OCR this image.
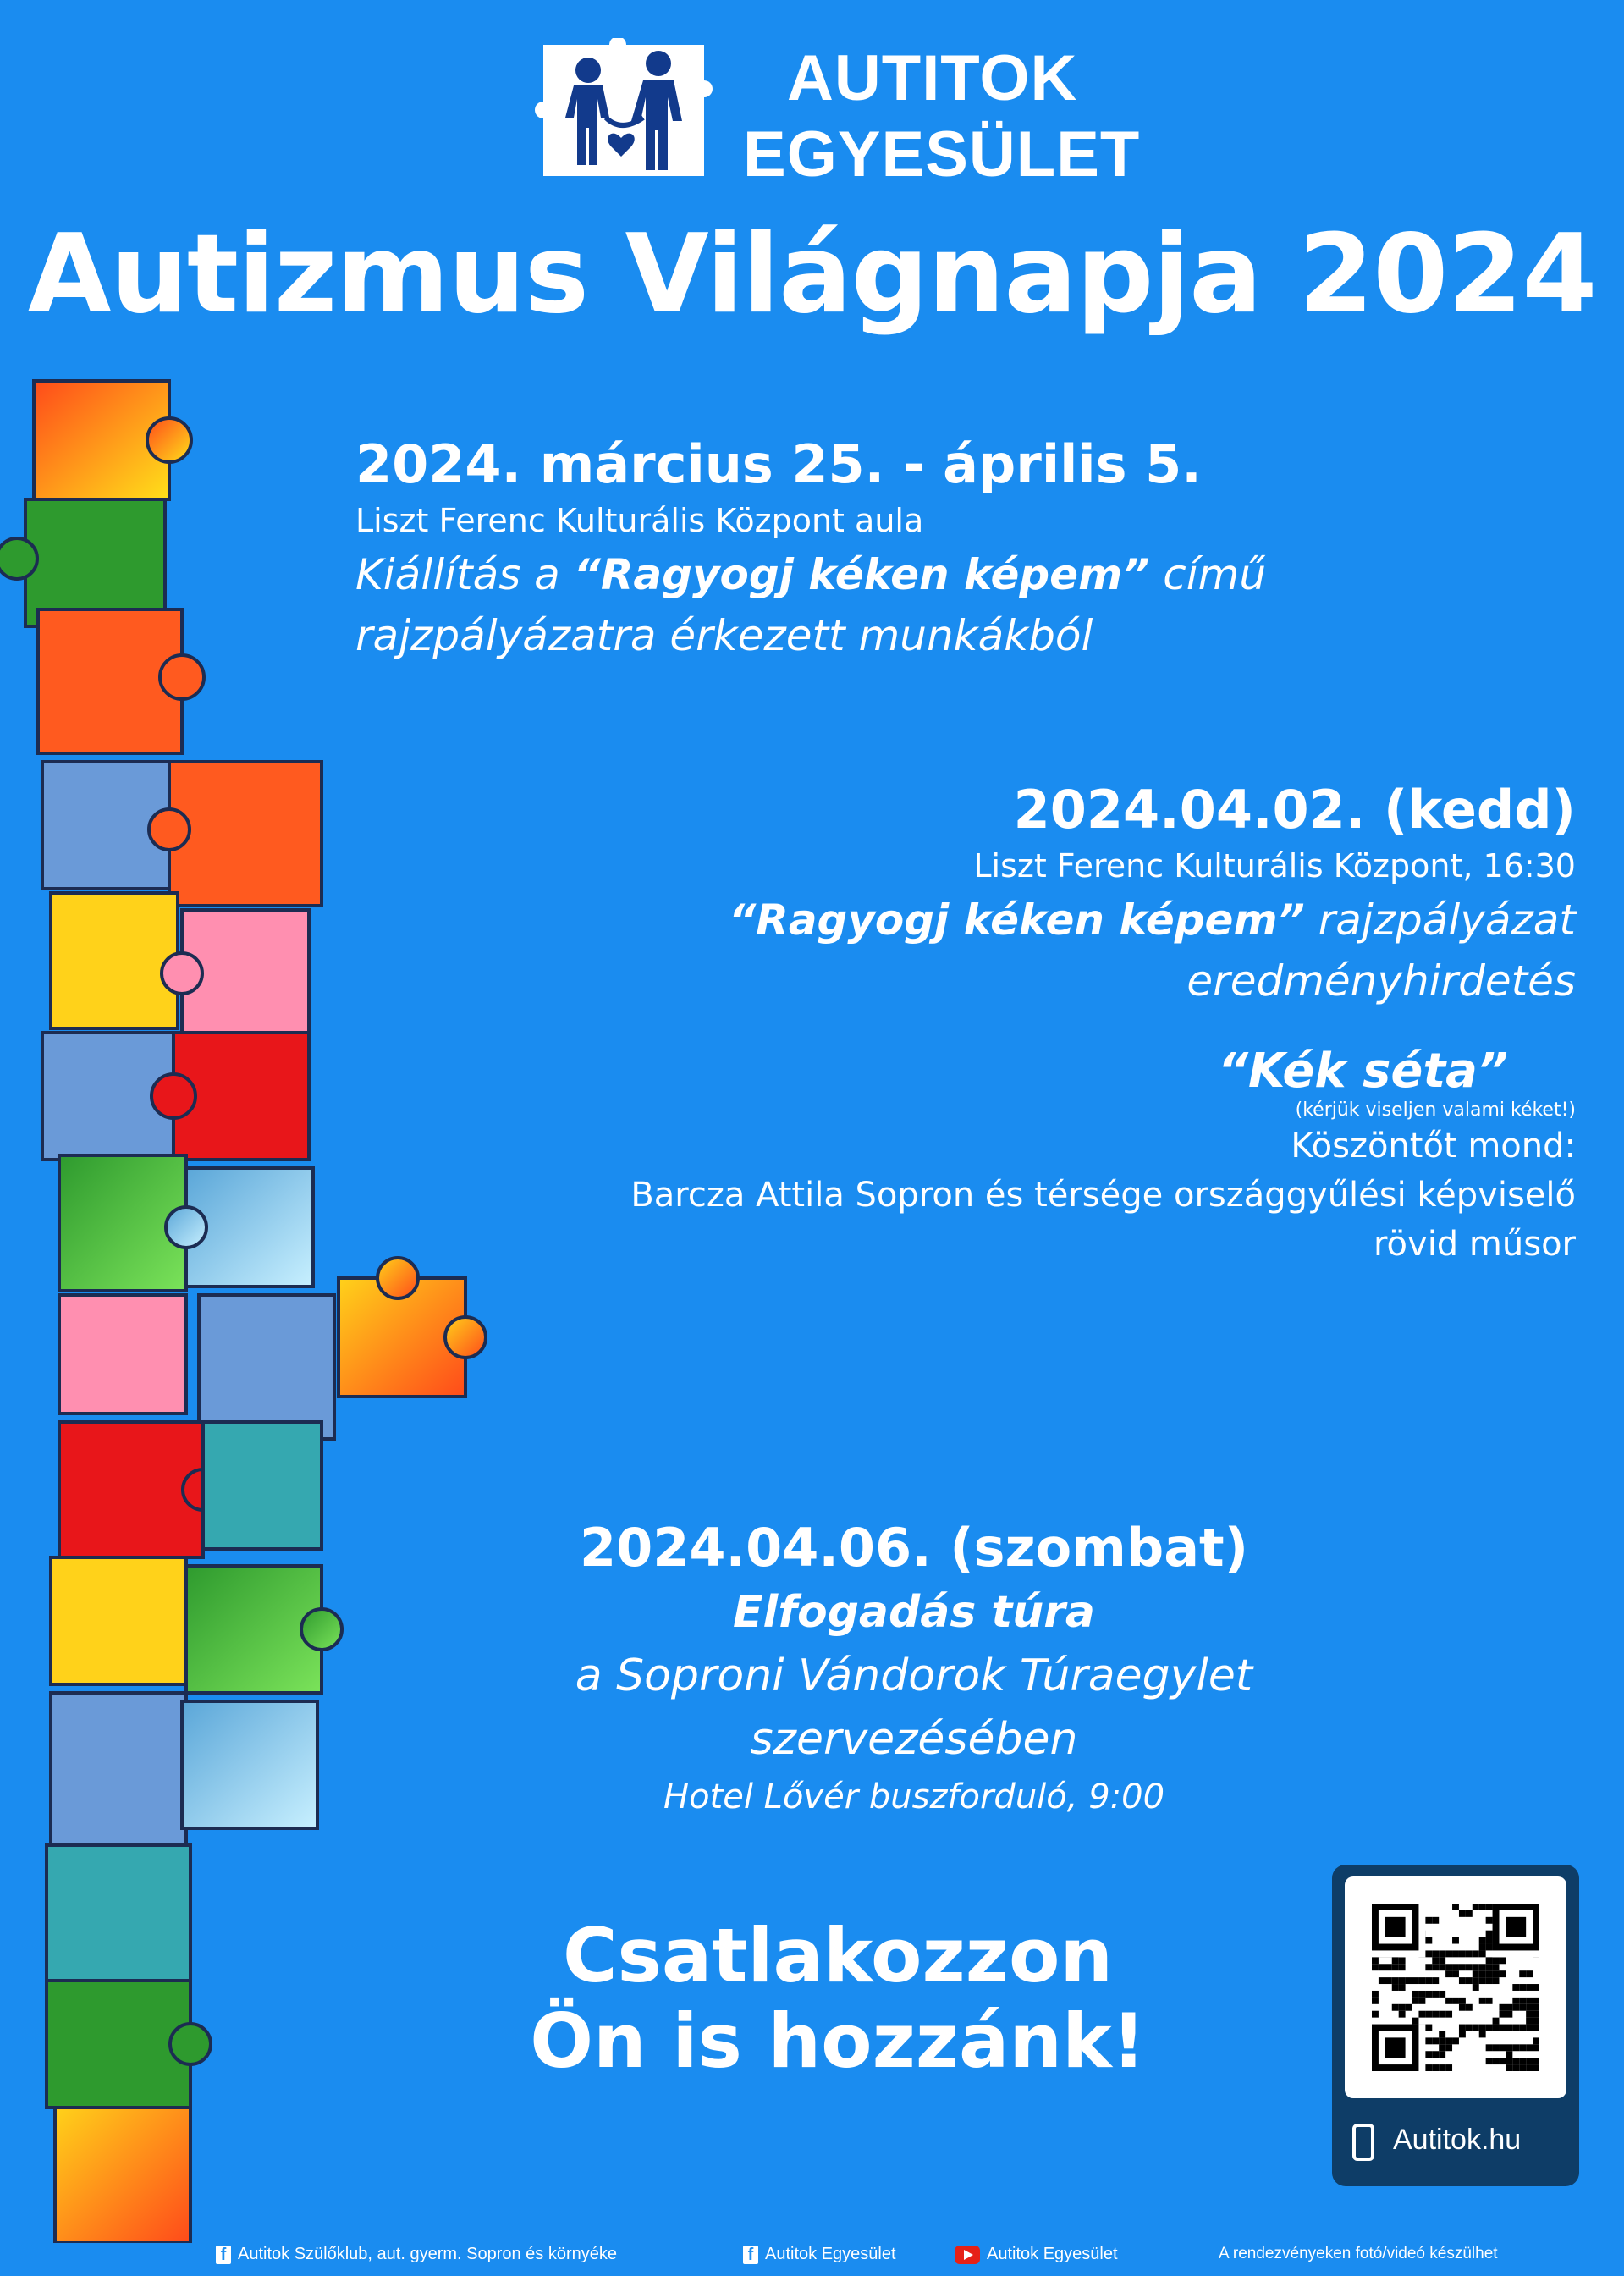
AUTITOK
EGYESÜLET
Autizmus Világnapja 2024
2024. március 25. - április 5.
Liszt Ferenc Kulturális Központ aula
Kiállítás a “Ragyogj kéken képem” című
rajzpályázatra érkezett munkákból
2024.04.02. (kedd)
Liszt Ferenc Kulturális Központ, 16:30
“Ragyogj kéken képem” rajzpályázat
eredményhirdetés
“Kék séta”
(kérjük viseljen valami kéket!)
Köszöntőt mond:
Barcza Attila Sopron és térsége országgyűlési képviselő
rövid műsor
2024.04.06. (szombat)
Elfogadás túra
a Soproni Vándorok Túraegylet szervezésében
Hotel Lővér buszforduló, 9:00
Csatlakozzon
Ön is hozzánk!
Autitok.hu
f Autitok Szülőklub, aut. gyerm. Sopron és környéke	f Autitok Egyesület	Autitok Egyesület	A rendezvényeken fotó/videó készülhet
